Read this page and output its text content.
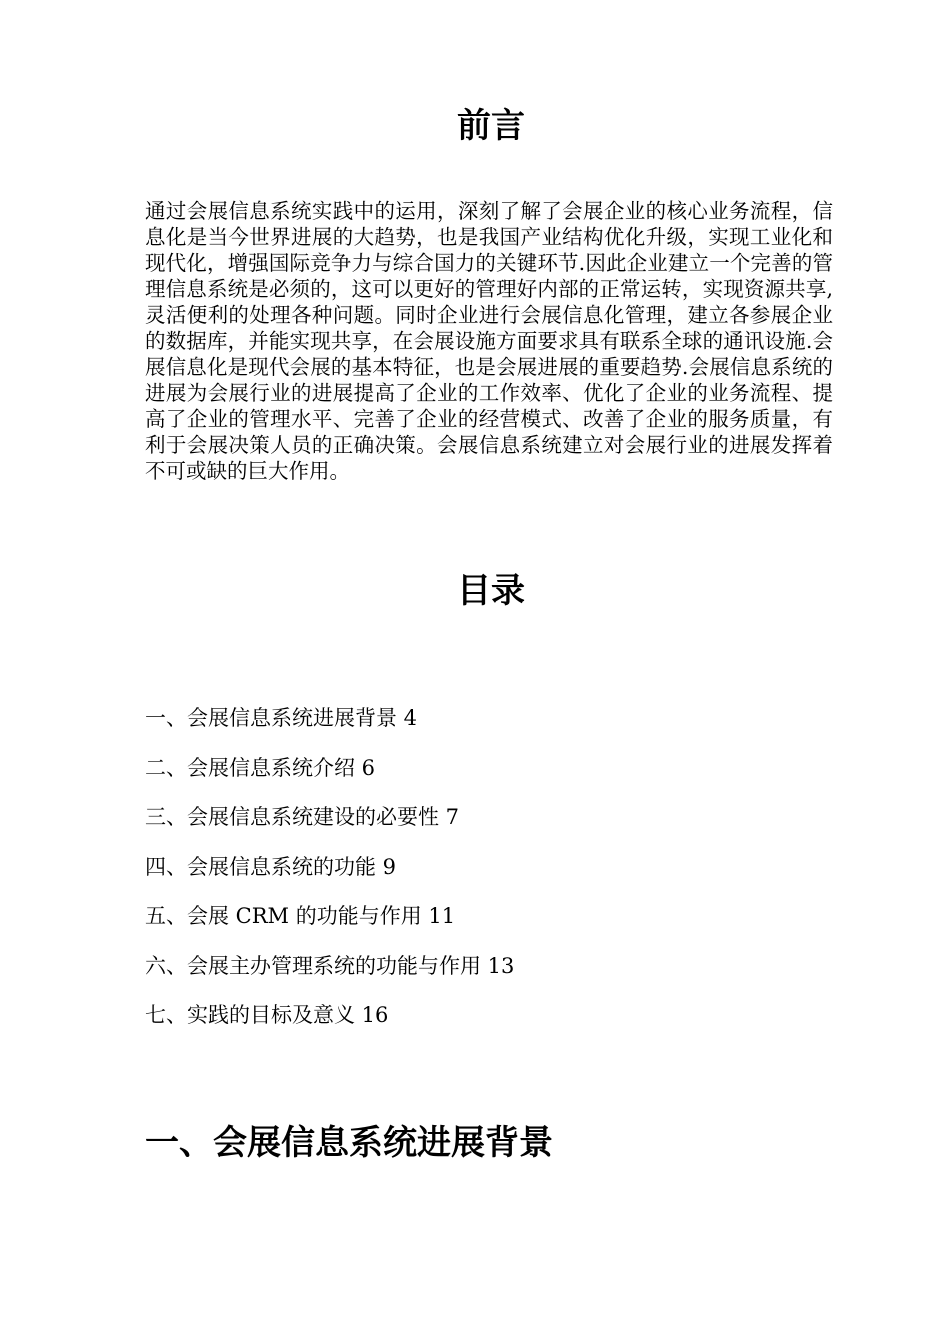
前言

通过会展信息系统实践中的运用，深刻了解了会展企业的核心业务流程，信息化是当今世界进展的大趋势，也是我国产业结构优化升级，实现工业化和现代化，增强国际竞争力与综合国力的关键环节.因此企业建立一个完善的管理信息系统是必须的，这可以更好的管理好内部的正常运转，实现资源共享,灵活便利的处理各种问题。同时企业进行会展信息化管理，建立各参展企业的数据库，并能实现共享，在会展设施方面要求具有联系全球的通讯设施.会展信息化是现代会展的基本特征，也是会展进展的重要趋势.会展信息系统的进展为会展行业的进展提高了企业的工作效率、优化了企业的业务流程、提高了企业的管理水平、完善了企业的经营模式、改善了企业的服务质量，有利于会展决策人员的正确决策。会展信息系统建立对会展行业的进展发挥着不可或缺的巨大作用。

目录
一、会展信息系统进展背景 4
二、会展信息系统介绍 6
三、会展信息系统建设的必要性 7
四、会展信息系统的功能 9
五、会展 CRM 的功能与作用 11
六、会展主办管理系统的功能与作用 13
七、实践的目标及意义 16
一、会展信息系统进展背景
